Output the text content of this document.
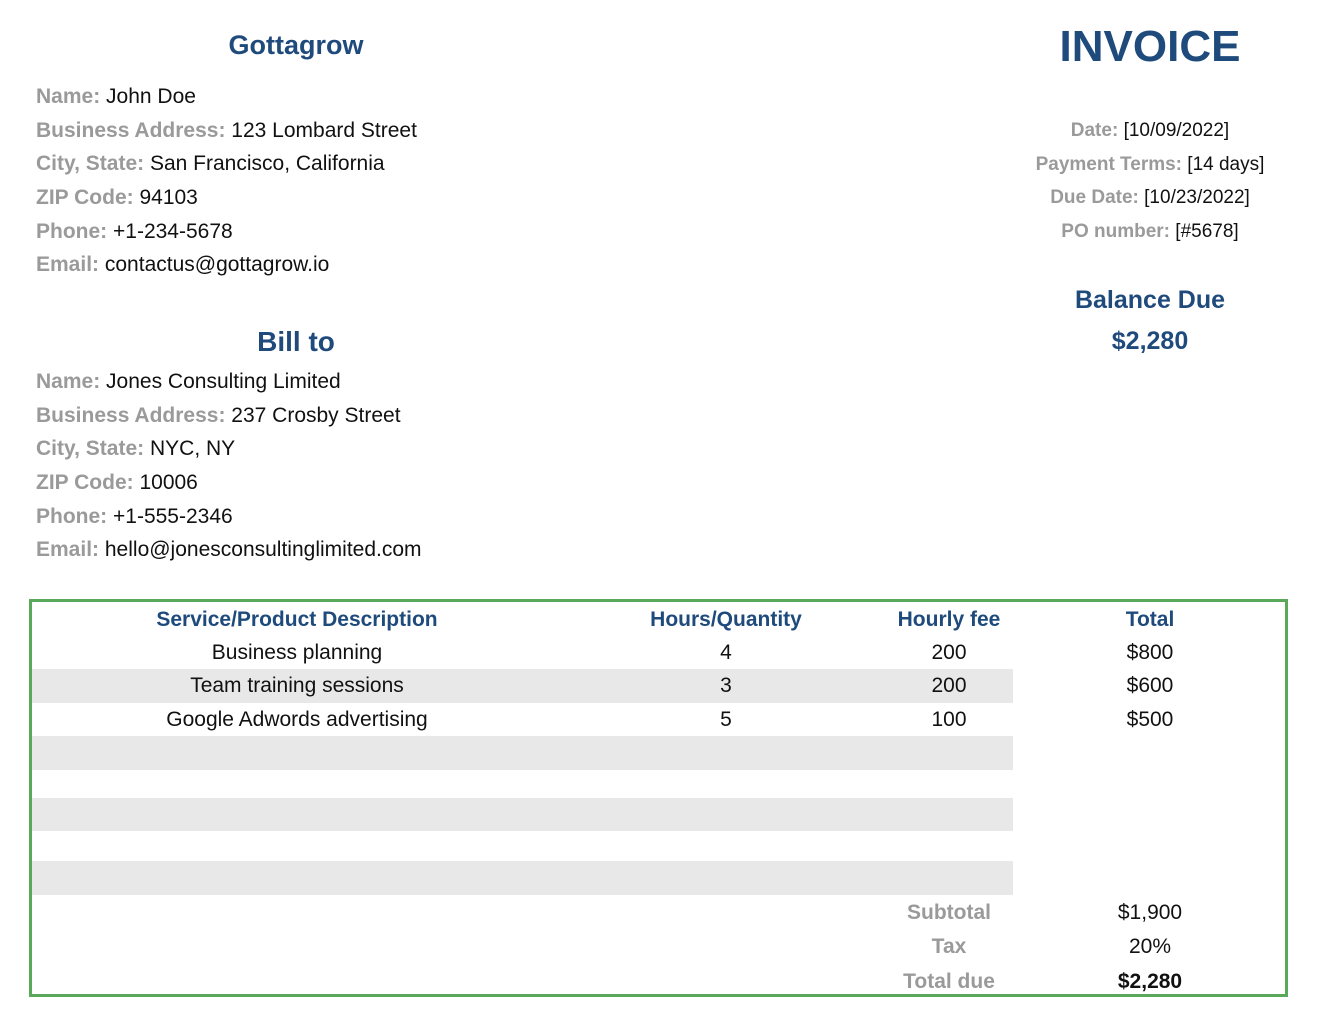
Gottagrow	INVOICE
Name: John Doe
Business Address: 123 Lombard Street
City, State: San Francisco, California
ZIP Code: 94103
Phone: +1-234-5678
Email: contactus@gottagrow.io
Date: [10/09/2022]
Payment Terms: [14 days]
Due Date: [10/23/2022]
PO number: [#5678]
Balance Due
$2,280
Bill to
Name: Jones Consulting Limited
Business Address: 237 Crosby Street
City, State: NYC, NY
ZIP Code: 10006
Phone: +1-555-2346
Email: hello@jonesconsultinglimited.com
Service/Product Description	Hours/Quantity	Hourly fee	Total
Business planning	4	200	$800
Team training sessions	3	200	$600
Google Adwords advertising	5	100	$500
Subtotal	$1,900
Tax	20%
Total due	$2,280
